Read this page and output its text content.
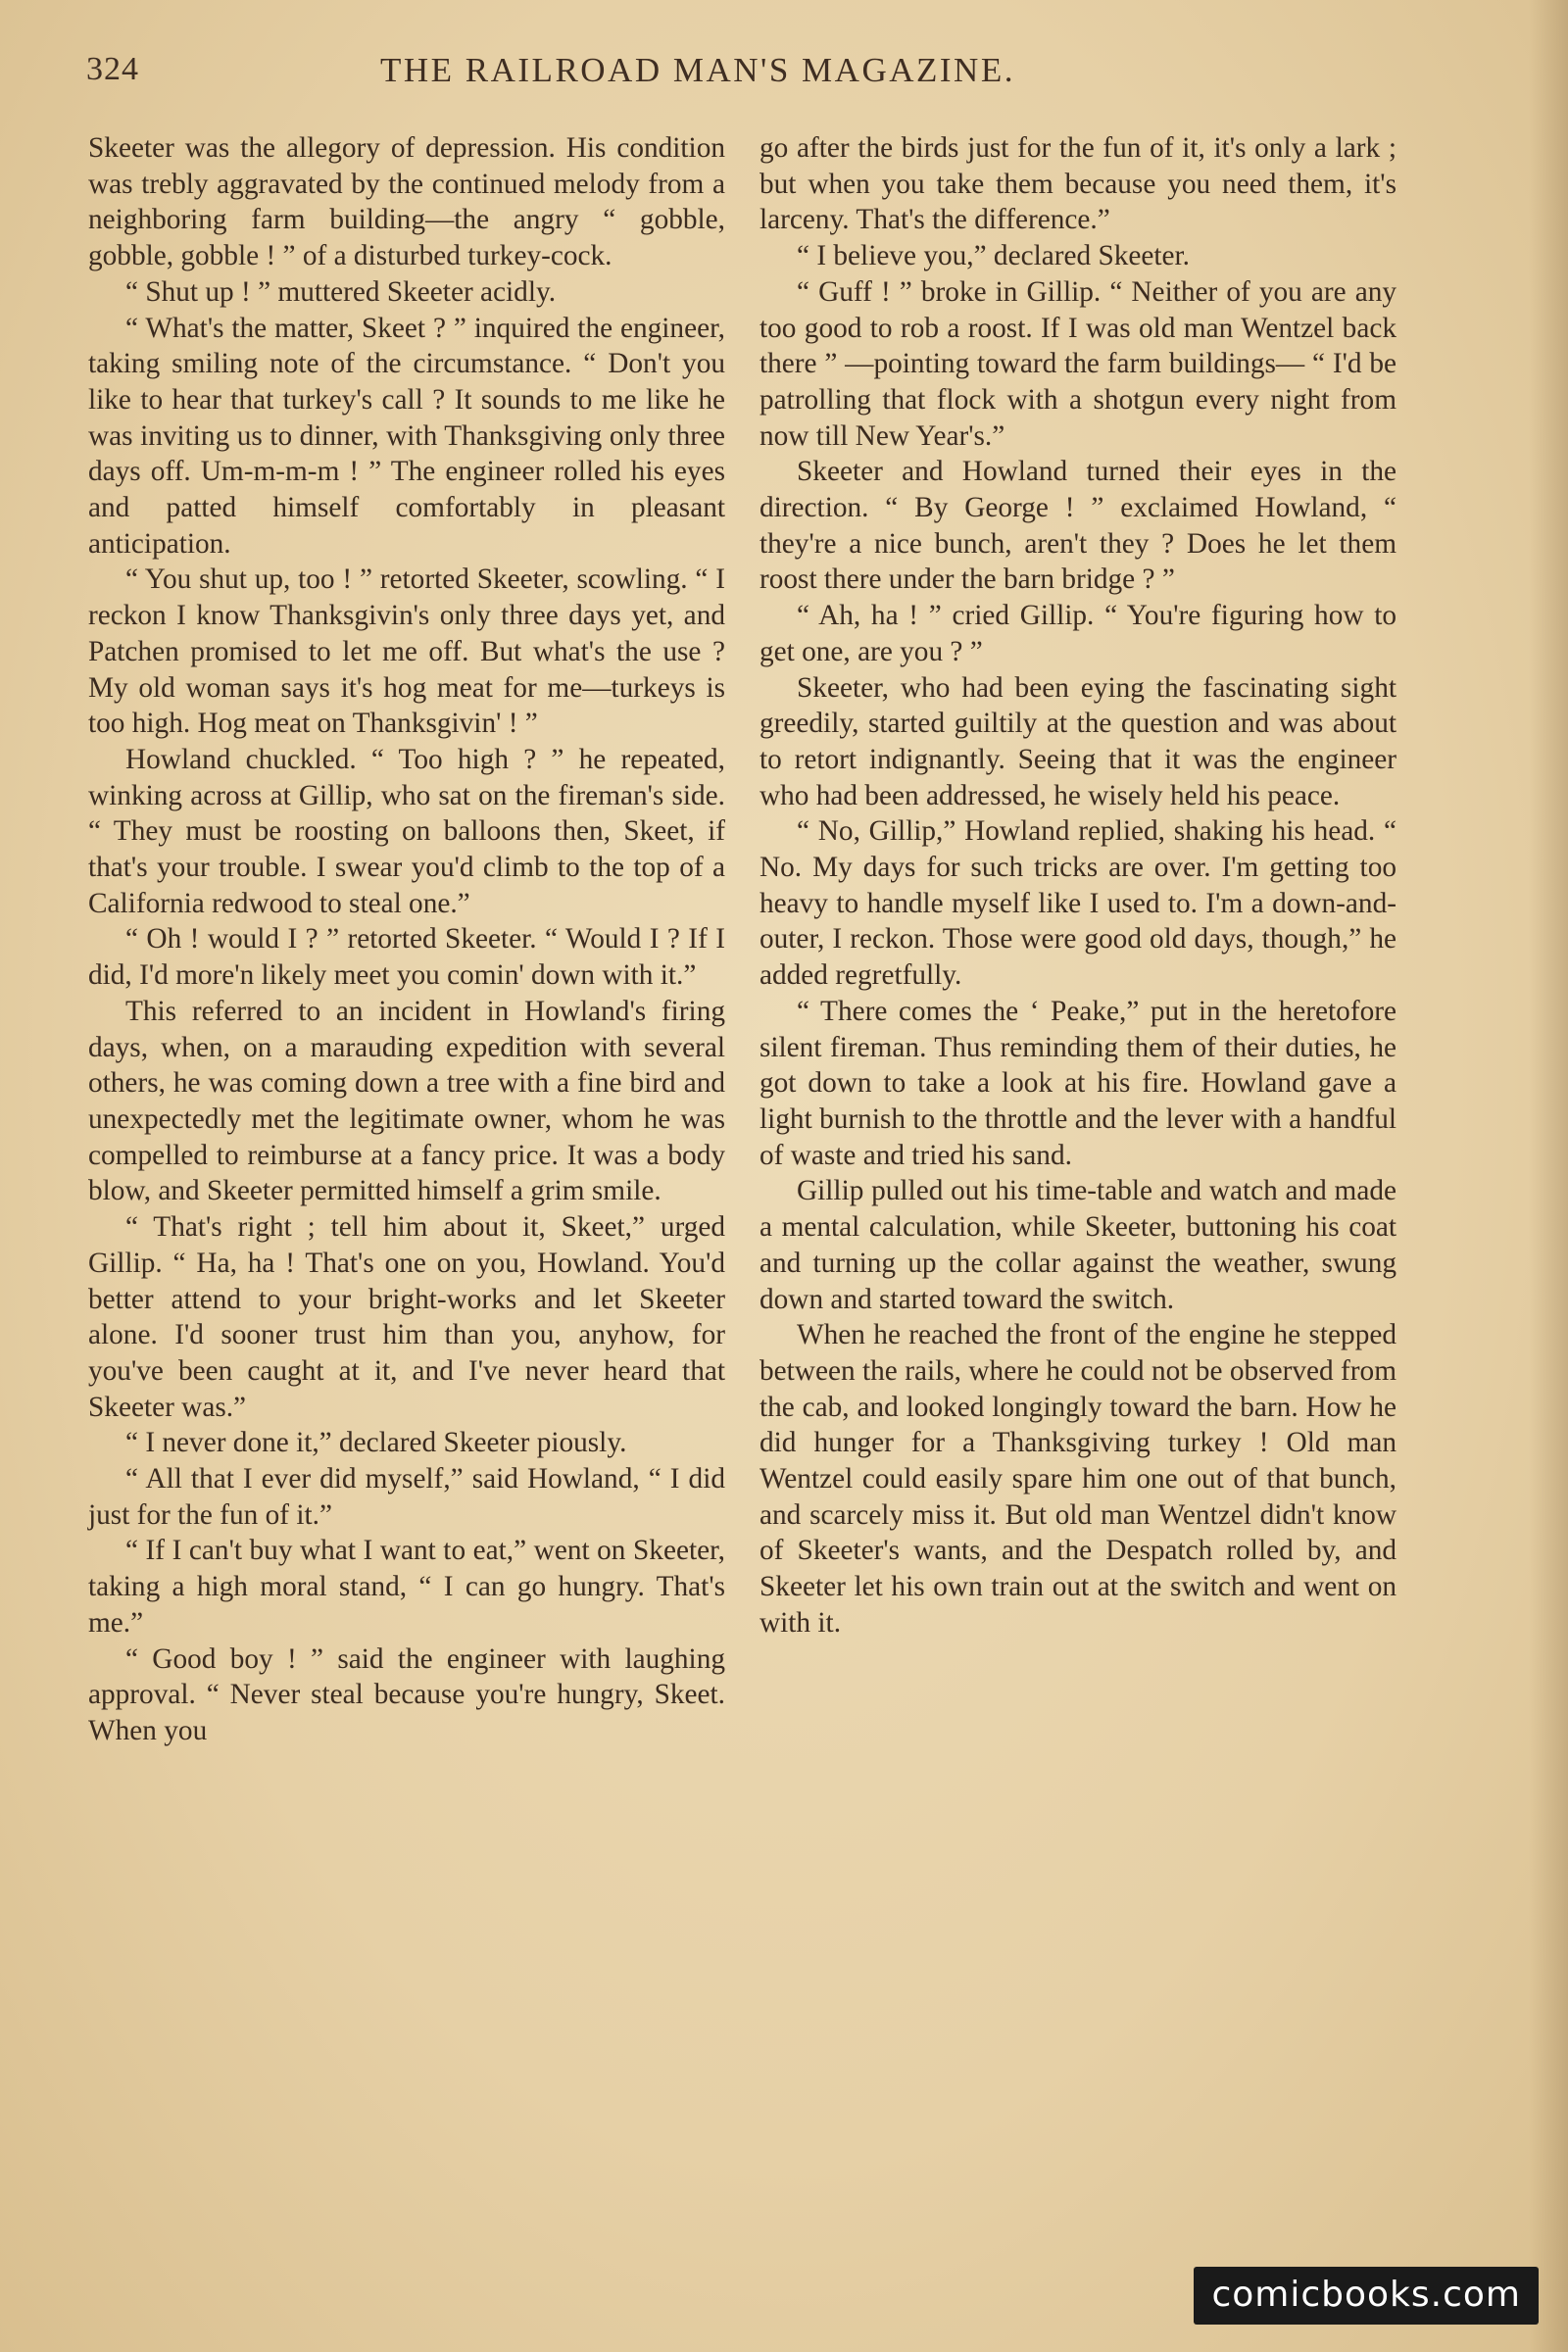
324	THE RAILROAD MAN'S MAGAZINE.

Skeeter was the allegory of depression. His condition was trebly aggravated by the continued melody from a neighboring farm building—the angry “ gobble, gobble, gobble ! ” of a disturbed turkey-cock.

“ Shut up ! ” muttered Skeeter acidly.

“ What's the matter, Skeet ? ” inquired the engineer, taking smiling note of the circumstance. “ Don't you like to hear that turkey's call ? It sounds to me like he was inviting us to dinner, with Thanksgiving only three days off. Um-m-m-m ! ” The engineer rolled his eyes and patted himself comfortably in pleasant anticipation.

“ You shut up, too ! ” retorted Skeeter, scowling. “ I reckon I know Thanksgivin's only three days yet, and Patchen promised to let me off. But what's the use ? My old woman says it's hog meat for me—turkeys is too high. Hog meat on Thanksgivin' ! ”

Howland chuckled. “ Too high ? ” he repeated, winking across at Gillip, who sat on the fireman's side. “ They must be roosting on balloons then, Skeet, if that's your trouble. I swear you'd climb to the top of a California redwood to steal one.”

“ Oh ! would I ? ” retorted Skeeter. “ Would I ? If I did, I'd more'n likely meet you comin' down with it.”

This referred to an incident in Howland's firing days, when, on a marauding expedition with several others, he was coming down a tree with a fine bird and unexpectedly met the legitimate owner, whom he was compelled to reimburse at a fancy price. It was a body blow, and Skeeter permitted himself a grim smile.

“ That's right ; tell him about it, Skeet,” urged Gillip. “ Ha, ha ! That's one on you, Howland. You'd better attend to your bright-works and let Skeeter alone. I'd sooner trust him than you, anyhow, for you've been caught at it, and I've never heard that Skeeter was.”

“ I never done it,” declared Skeeter piously.

“ All that I ever did myself,” said Howland, “ I did just for the fun of it.”

“ If I can't buy what I want to eat,” went on Skeeter, taking a high moral stand, “ I can go hungry. That's me.”

“ Good boy ! ” said the engineer with laughing approval. “ Never steal because you're hungry, Skeet. When you

go after the birds just for the fun of it, it's only a lark ; but when you take them because you need them, it's larceny. That's the difference.”

“ I believe you,” declared Skeeter.

“ Guff ! ” broke in Gillip. “ Neither of you are any too good to rob a roost. If I was old man Wentzel back there ” —pointing toward the farm buildings— “ I'd be patrolling that flock with a shotgun every night from now till New Year's.”

Skeeter and Howland turned their eyes in the direction. “ By George ! ” exclaimed Howland, “ they're a nice bunch, aren't they ? Does he let them roost there under the barn bridge ? ”

“ Ah, ha ! ” cried Gillip. “ You're figuring how to get one, are you ? ”

Skeeter, who had been eying the fascinating sight greedily, started guiltily at the question and was about to retort indignantly. Seeing that it was the engineer who had been addressed, he wisely held his peace.

“ No, Gillip,” Howland replied, shaking his head. “ No. My days for such tricks are over. I'm getting too heavy to handle myself like I used to. I'm a down-and-outer, I reckon. Those were good old days, though,” he added regretfully.

“ There comes the ‘ Peake,” put in the heretofore silent fireman. Thus reminding them of their duties, he got down to take a look at his fire. Howland gave a light burnish to the throttle and the lever with a handful of waste and tried his sand.

Gillip pulled out his time-table and watch and made a mental calculation, while Skeeter, buttoning his coat and turning up the collar against the weather, swung down and started toward the switch.

When he reached the front of the engine he stepped between the rails, where he could not be observed from the cab, and looked longingly toward the barn. How he did hunger for a Thanksgiving turkey ! Old man Wentzel could easily spare him one out of that bunch, and scarcely miss it. But old man Wentzel didn't know of Skeeter's wants, and the Despatch rolled by, and Skeeter let his own train out at the switch and went on with it.

comicbooks.com
